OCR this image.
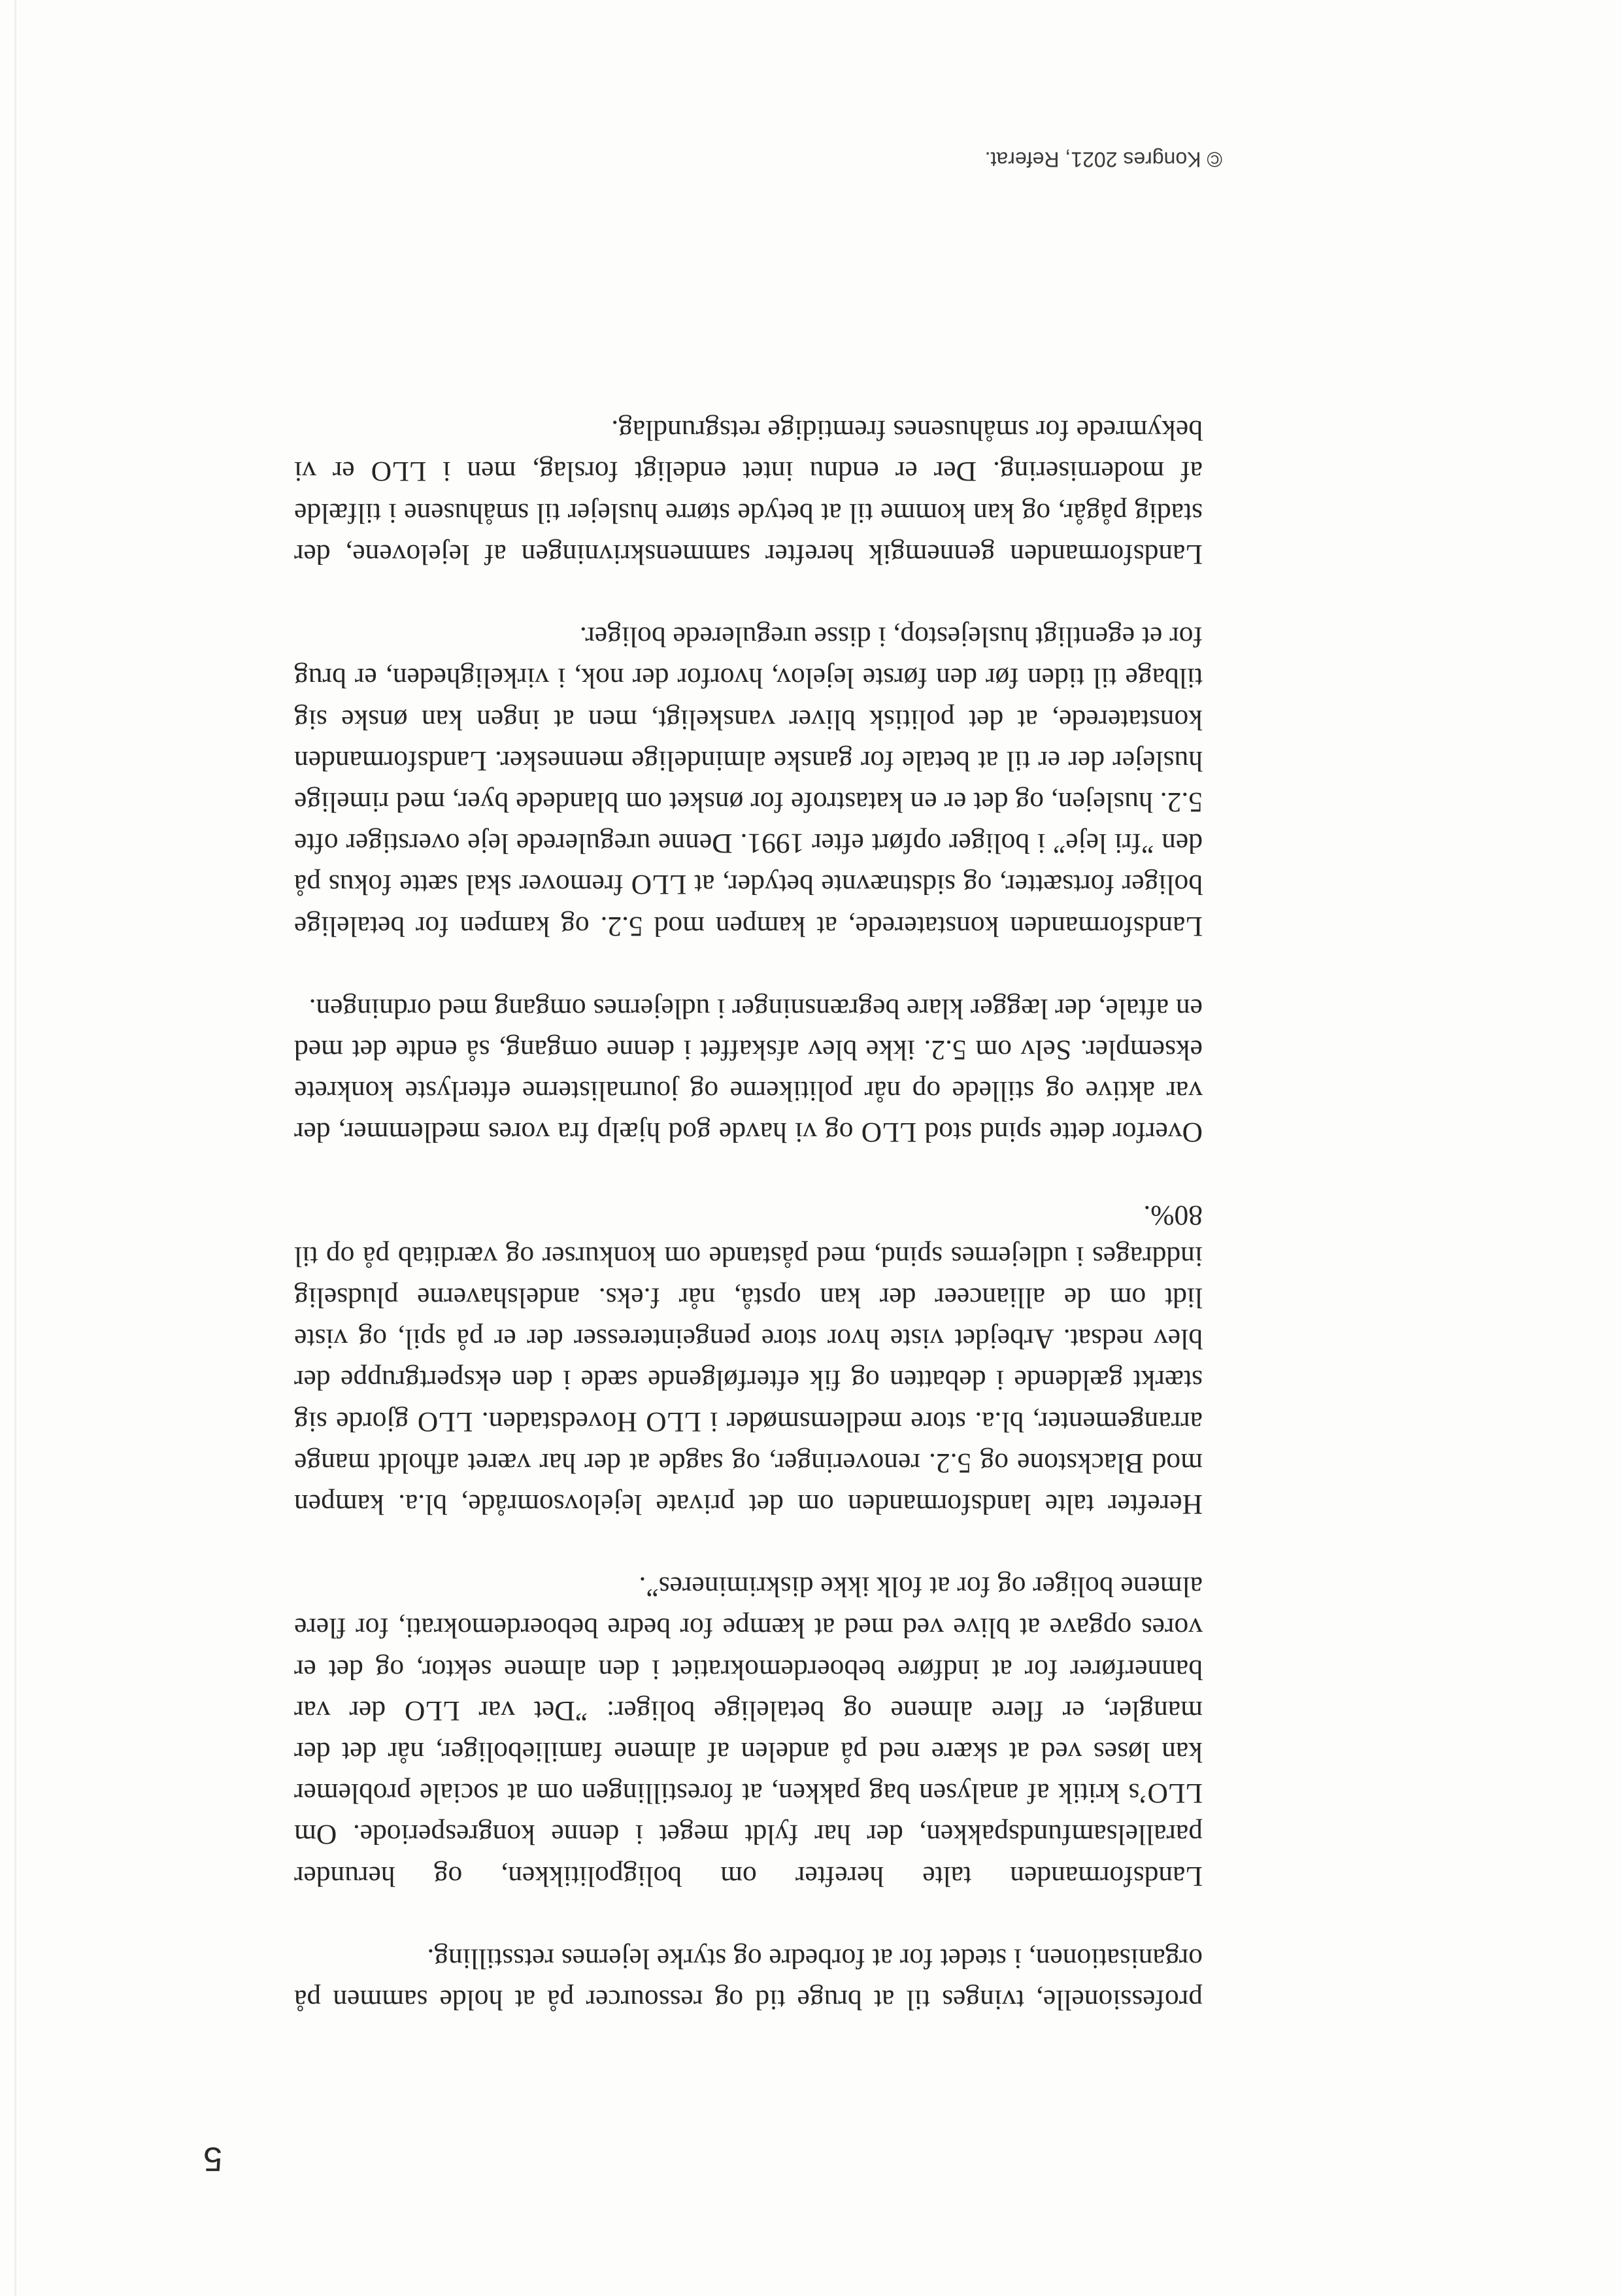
5

professionelle, tvinges til at bruge tid og ressourcer på at holde sammen på organisationen, i stedet for at forbedre og styrke lejernes retsstilling.

Landsformanden talte herefter om boligpolitikken, og herunder parallelsamfundspakken, der har fyldt meget i denne kongresperiode. Om LLO’s kritik af analysen bag pakken, at forestillingen om at sociale problemer kan løses ved at skære ned på andelen af almene familieboliger, når det der mangler, er flere almene og betalelige boliger: ”Det var LLO der var bannerfører for at indføre beboerdemokratiet i den almene sektor, og det er vores opgave at blive ved med at kæmpe for bedre beboerdemokrati, for flere almene boliger og for at folk ikke diskrimineres”.

Herefter talte landsformanden om det private lejelovsområde, bl.a. kampen mod Blackstone og 5.2. renoveringer, og sagde at der har været afholdt mange arrangementer, bl.a. store medlemsmøder i LLO Hovedstaden. LLO gjorde sig stærkt gældende i debatten og fik efterfølgende sæde i den ekspertgruppe der blev nedsat. Arbejdet viste hvor store pengeinteresser der er på spil, og viste lidt om de allianceer der kan opstå, når f.eks. andelshaverne pludselig inddrages i udlejernes spind, med påstande om konkurser og værditab på op til 80%.

Overfor dette spind stod LLO og vi havde god hjælp fra vores medlemmer, der var aktive og stillede op når politikerne og journalisterne efterlyste konkrete eksempler. Selv om 5.2. ikke blev afskaffet i denne omgang, så endte det med en aftale, der lægger klare begrænsninger i udlejernes omgang med ordningen.

Landsformanden konstaterede, at kampen mod 5.2. og kampen for betalelige boliger fortsætter, og sidstnævnte betyder, at LLO fremover skal sætte fokus på den ”fri leje” i boliger opført efter 1991. Denne uregulerede leje overstiger ofte 5.2. huslejen, og det er en katastrofe for ønsket om blandede byer, med rimelige huslejer der er til at betale for ganske almindelige mennesker. Landsformanden konstaterede, at det politisk bliver vanskeligt, men at ingen kan ønske sig tilbage til tiden før den første lejelov, hvorfor der nok, i virkeligheden, er brug for et egentligt huslejestop, i disse uregulerede boliger.

Landsformanden gennemgik herefter sammenskrivningen af lejelovene, der stadig pågår, og kan komme til at betyde større huslejer til småhusene i tilfælde af modernisering. Der er endnu intet endeligt forslag, men i LLO er vi bekymrede for småhusenes fremtidige retsgrundlag.

© Kongres 2021, Referat.
